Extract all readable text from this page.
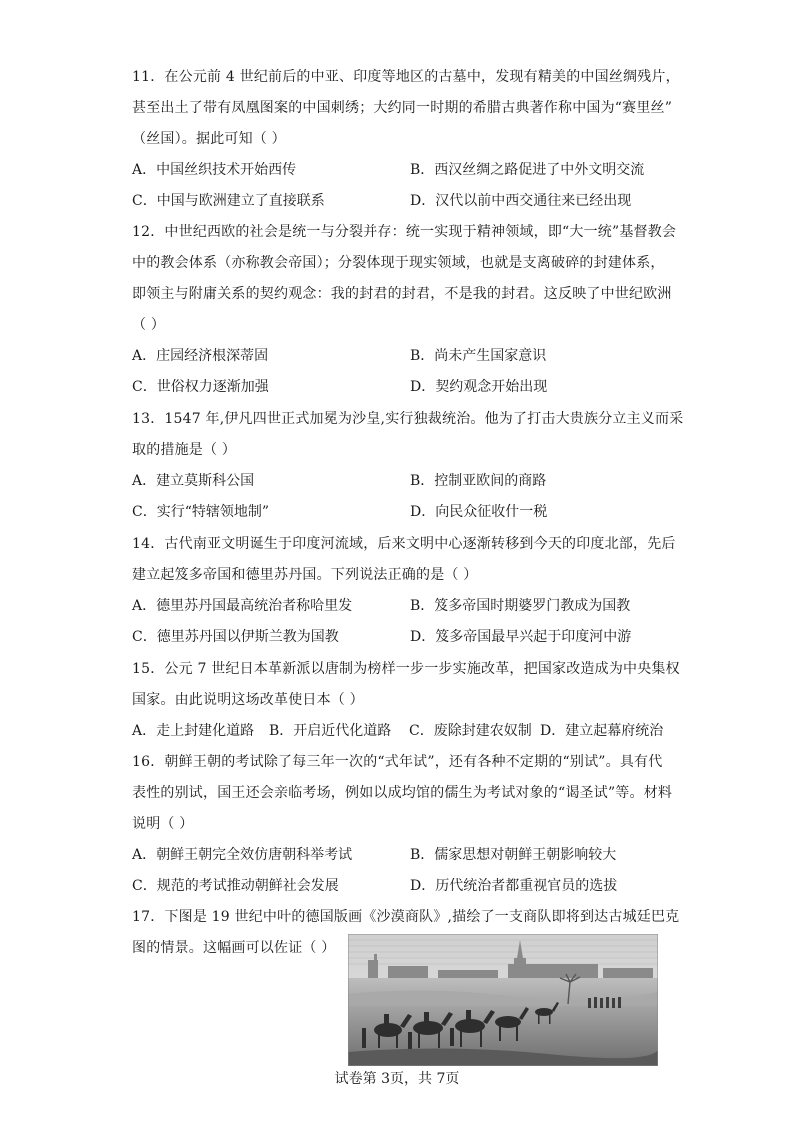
11．在公元前 4 世纪前后的中亚、印度等地区的古墓中，发现有精美的中国丝绸残片，
甚至出土了带有凤凰图案的中国刺绣；大约同一时期的希腊古典著作称中国为“赛里丝”
（丝国）。据此可知（ ）
A．中国丝织技术开始西传	B．西汉丝绸之路促进了中外文明交流
C．中国与欧洲建立了直接联系	D．汉代以前中西交通往来已经出现
12．中世纪西欧的社会是统一与分裂并存：统一实现于精神领域，即“大一统”基督教会
中的教会体系（亦称教会帝国）；分裂体现于现实领域，也就是支离破碎的封建体系，
即领主与附庸关系的契约观念：我的封君的封君，不是我的封君。这反映了中世纪欧洲
（ ）
A．庄园经济根深蒂固	B．尚未产生国家意识
C．世俗权力逐渐加强	D．契约观念开始出现
13．1547 年,伊凡四世正式加冕为沙皇,实行独裁统治。他为了打击大贵族分立主义而采
取的措施是（ ）
A．建立莫斯科公国	B．控制亚欧间的商路
C．实行“特辖领地制”	D．向民众征收什一税
14．古代南亚文明诞生于印度河流域，后来文明中心逐渐转移到今天的印度北部，先后
建立起笈多帝国和德里苏丹国。下列说法正确的是（ ）
A．德里苏丹国最高统治者称哈里发	B．笈多帝国时期婆罗门教成为国教
C．德里苏丹国以伊斯兰教为国教	D．笈多帝国最早兴起于印度河中游
15．公元 7 世纪日本革新派以唐制为榜样一步一步实施改革，把国家改造成为中央集权
国家。由此说明这场改革使日本（ ）
A．走上封建化道路 B．开启近代化道路 C．废除封建农奴制 D．建立起幕府统治
16．朝鲜王朝的考试除了每三年一次的“式年试”，还有各种不定期的“别试”。具有代
表性的别试，国王还会亲临考场，例如以成均馆的儒生为考试对象的“谒圣试”等。材料
说明（ ）
A．朝鲜王朝完全效仿唐朝科举考试	B．儒家思想对朝鲜王朝影响较大
C．规范的考试推动朝鲜社会发展	D．历代统治者都重视官员的选拔
17．下图是 19 世纪中叶的德国版画《沙漠商队》,描绘了一支商队即将到达古城廷巴克
图的情景。这幅画可以佐证（ ）
试卷第 3页，共 7页
